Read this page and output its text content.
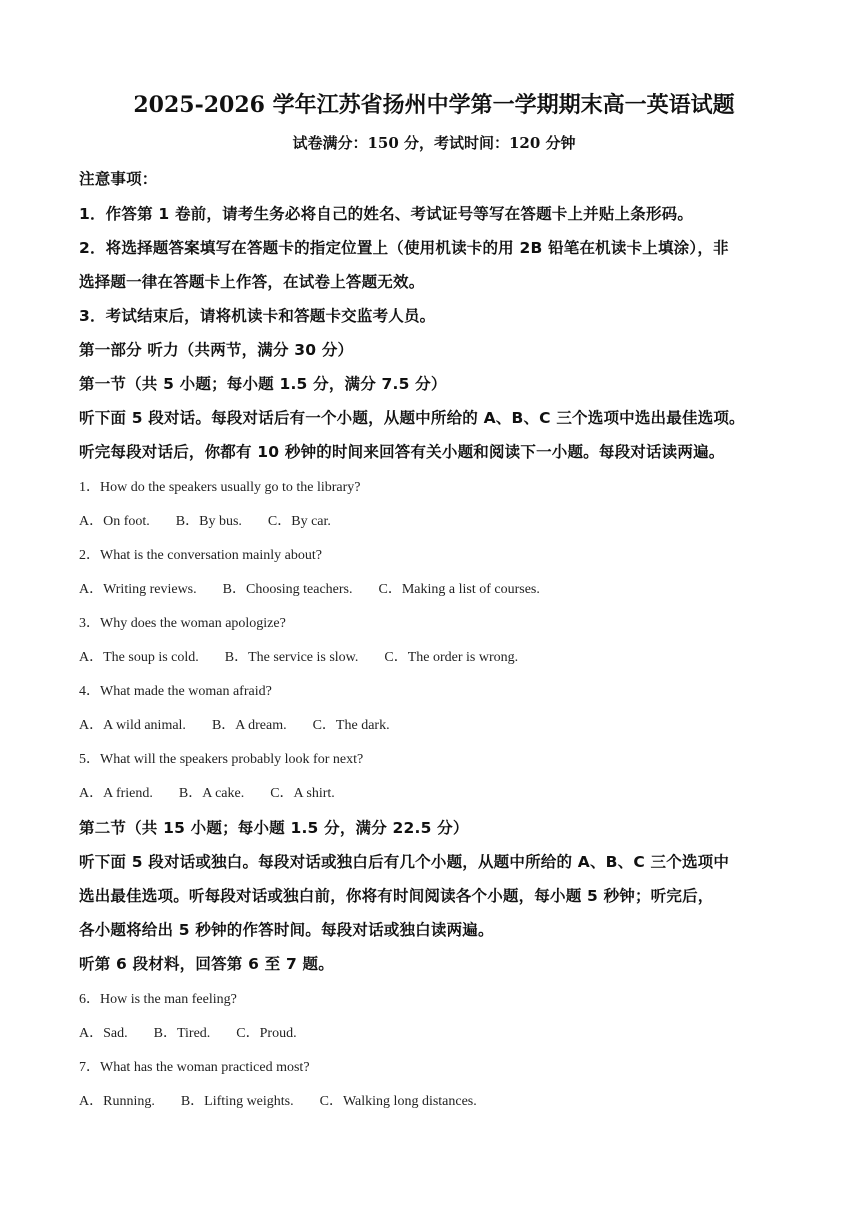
2025-2026 学年江苏省扬州中学第一学期期末高一英语试题
试卷满分：150 分，考试时间：120 分钟
注意事项：
1．作答第 1 卷前，请考生务必将自己的姓名、考试证号等写在答题卡上并贴上条形码。
2．将选择题答案填写在答题卡的指定位置上（使用机读卡的用 2B 铅笔在机读卡上填涂），非
选择题一律在答题卡上作答，在试卷上答题无效。
3．考试结束后，请将机读卡和答题卡交监考人员。
第一部分 听力（共两节，满分 30 分）
第一节（共 5 小题；每小题 1.5 分，满分 7.5 分）
听下面 5 段对话。每段对话后有一个小题，从题中所给的 A、B、C 三个选项中选出最佳选项。
听完每段对话后，你都有 10 秒钟的时间来回答有关小题和阅读下一小题。每段对话读两遍。
1．How do the speakers usually go to the library?
A．On foot. B．By bus. C．By car.
2．What is the conversation mainly about?
A．Writing reviews. B．Choosing teachers. C．Making a list of courses.
3．Why does the woman apologize?
A．The soup is cold. B．The service is slow. C．The order is wrong.
4．What made the woman afraid?
A．A wild animal. B．A dream. C．The dark.
5．What will the speakers probably look for next?
A．A friend. B．A cake. C．A shirt.
第二节（共 15 小题；每小题 1.5 分，满分 22.5 分）
听下面 5 段对话或独白。每段对话或独白后有几个小题，从题中所给的 A、B、C 三个选项中
选出最佳选项。听每段对话或独白前，你将有时间阅读各个小题，每小题 5 秒钟；听完后，
各小题将给出 5 秒钟的作答时间。每段对话或独白读两遍。
听第 6 段材料，回答第 6 至 7 题。
6．How is the man feeling?
A．Sad. B．Tired. C．Proud.
7．What has the woman practiced most?
A．Running. B．Lifting weights. C．Walking long distances.
